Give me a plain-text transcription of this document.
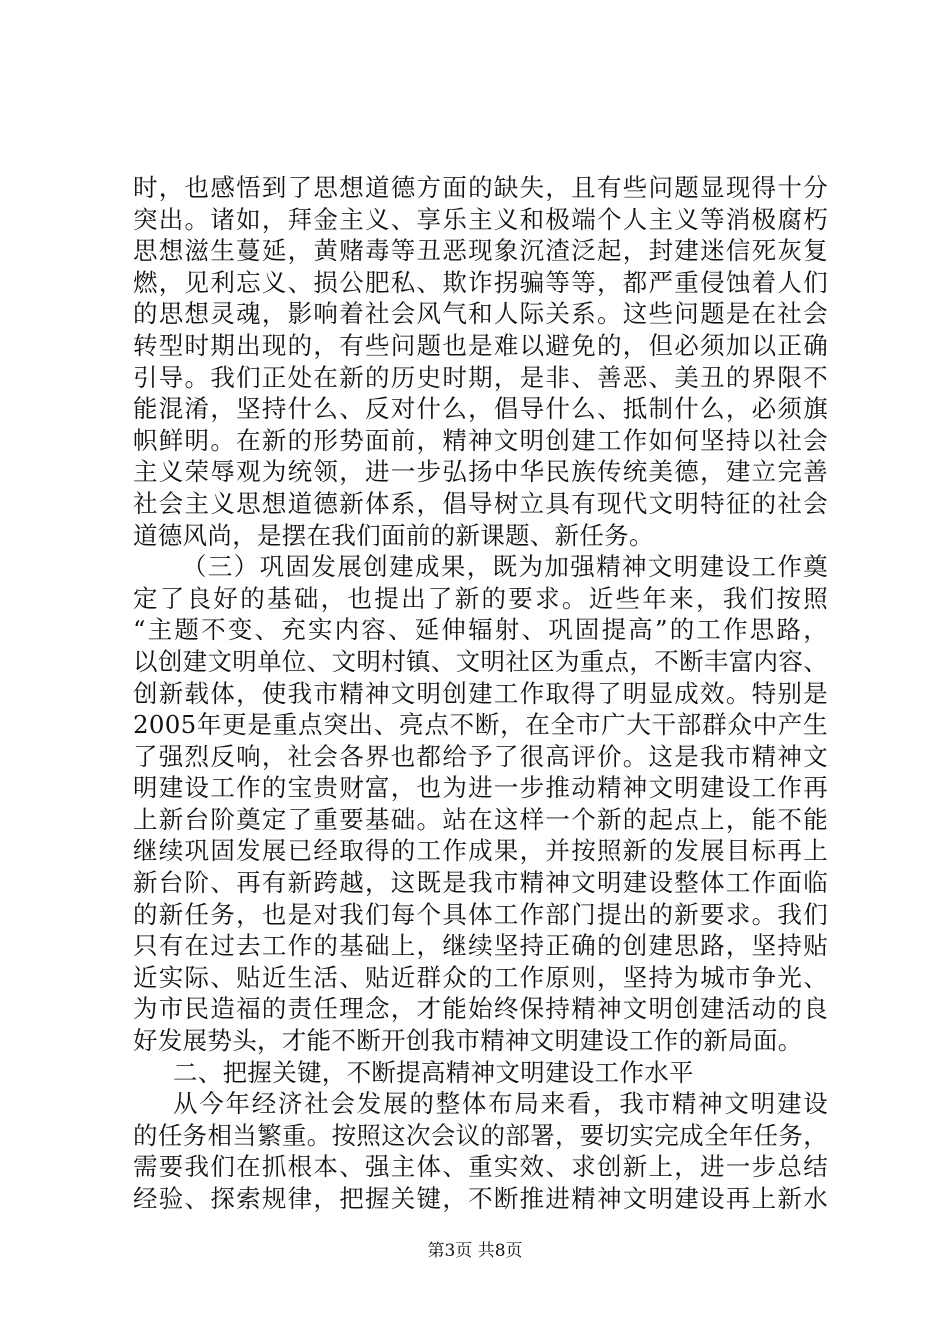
时，也感悟到了思想道德方面的缺失，且有些问题显现得十分
突出。诸如，拜金主义、享乐主义和极端个人主义等消极腐朽
思想滋生蔓延，黄赌毒等丑恶现象沉渣泛起，封建迷信死灰复
燃，见利忘义、损公肥私、欺诈拐骗等等，都严重侵蚀着人们
的思想灵魂，影响着社会风气和人际关系。这些问题是在社会
转型时期出现的，有些问题也是难以避免的，但必须加以正确
引导。我们正处在新的历史时期，是非、善恶、美丑的界限不
能混淆，坚持什么、反对什么，倡导什么、抵制什么，必须旗
帜鲜明。在新的形势面前，精神文明创建工作如何坚持以社会
主义荣辱观为统领，进一步弘扬中华民族传统美德，建立完善
社会主义思想道德新体系，倡导树立具有现代文明特征的社会
道德风尚，是摆在我们面前的新课题、新任务。
（三）巩固发展创建成果，既为加强精神文明建设工作奠
定了良好的基础，也提出了新的要求。近些年来，我们按照
“主题不变、充实内容、延伸辐射、巩固提高”的工作思路，
以创建文明单位、文明村镇、文明社区为重点，不断丰富内容、
创新载体，使我市精神文明创建工作取得了明显成效。特别是
2005年更是重点突出、亮点不断，在全市广大干部群众中产生
了强烈反响，社会各界也都给予了很高评价。这是我市精神文
明建设工作的宝贵财富，也为进一步推动精神文明建设工作再
上新台阶奠定了重要基础。站在这样一个新的起点上，能不能
继续巩固发展已经取得的工作成果，并按照新的发展目标再上
新台阶、再有新跨越，这既是我市精神文明建设整体工作面临
的新任务，也是对我们每个具体工作部门提出的新要求。我们
只有在过去工作的基础上，继续坚持正确的创建思路，坚持贴
近实际、贴近生活、贴近群众的工作原则，坚持为城市争光、
为市民造福的责任理念，才能始终保持精神文明创建活动的良
好发展势头，才能不断开创我市精神文明建设工作的新局面。
二、把握关键，不断提高精神文明建设工作水平
从今年经济社会发展的整体布局来看，我市精神文明建设
的任务相当繁重。按照这次会议的部署，要切实完成全年任务，
需要我们在抓根本、强主体、重实效、求创新上，进一步总结
经验、探索规律，把握关键，不断推进精神文明建设再上新水
第3页 共8页
